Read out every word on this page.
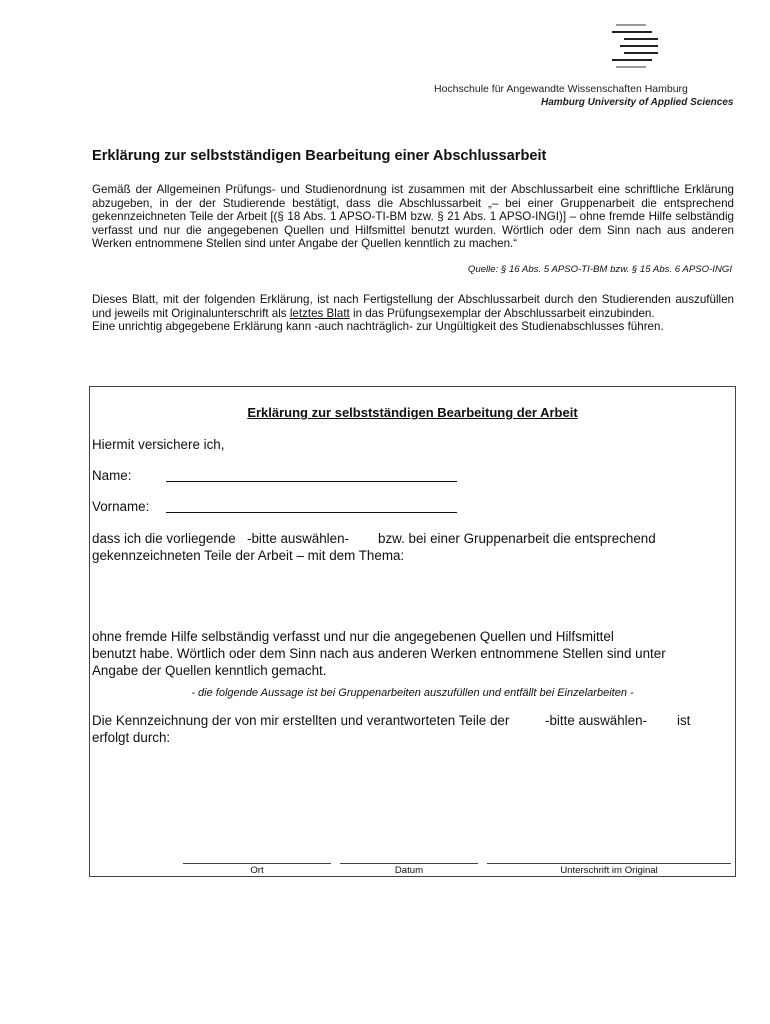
Hochschule für Angewandte Wissenschaften Hamburg
Hamburg University of Applied Sciences
Erklärung zur selbstständigen Bearbeitung einer Abschlussarbeit
Gemäß der Allgemeinen Prüfungs- und Studienordnung ist zusammen mit der Abschlussarbeit eine schriftliche Erklärung abzugeben, in der der Studierende bestätigt, dass die Abschlussarbeit „– bei einer Gruppenarbeit die entsprechend gekennzeichneten Teile der Arbeit [(§ 18 Abs. 1 APSO-TI-BM bzw. § 21 Abs. 1 APSO-INGI)] – ohne fremde Hilfe selbständig verfasst und nur die angegebenen Quellen und Hilfsmittel benutzt wurden. Wörtlich oder dem Sinn nach aus anderen Werken entnommene Stellen sind unter Angabe der Quellen kenntlich zu machen.“
Quelle: § 16 Abs. 5 APSO-TI-BM bzw. § 15 Abs. 6 APSO-INGI
Dieses Blatt, mit der folgenden Erklärung, ist nach Fertigstellung der Abschlussarbeit durch den Studierenden auszufüllen und jeweils mit Originalunterschrift als letztes Blatt in das Prüfungsexemplar der Abschlussarbeit einzubinden.
Eine unrichtig abgegebene Erklärung kann -auch nachträglich- zur Ungültigkeit des Studienabschlusses führen.
Erklärung zur selbstständigen Bearbeitung der Arbeit
Hiermit versichere ich,
Name:
Vorname:
dass ich die vorliegende -bitte auswählen- bzw. bei einer Gruppenarbeit die entsprechend
gekennzeichneten Teile der Arbeit – mit dem Thema:
ohne fremde Hilfe selbständig verfasst und nur die angegebenen Quellen und Hilfsmittel
benutzt habe. Wörtlich oder dem Sinn nach aus anderen Werken entnommene Stellen sind unter
Angabe der Quellen kenntlich gemacht.
- die folgende Aussage ist bei Gruppenarbeiten auszufüllen und entfällt bei Einzelarbeiten -
Die Kennzeichnung der von mir erstellten und verantworteten Teile der	-bitte auswählen- ist
erfolgt durch:
Ort	Datum	Unterschrift im Original
